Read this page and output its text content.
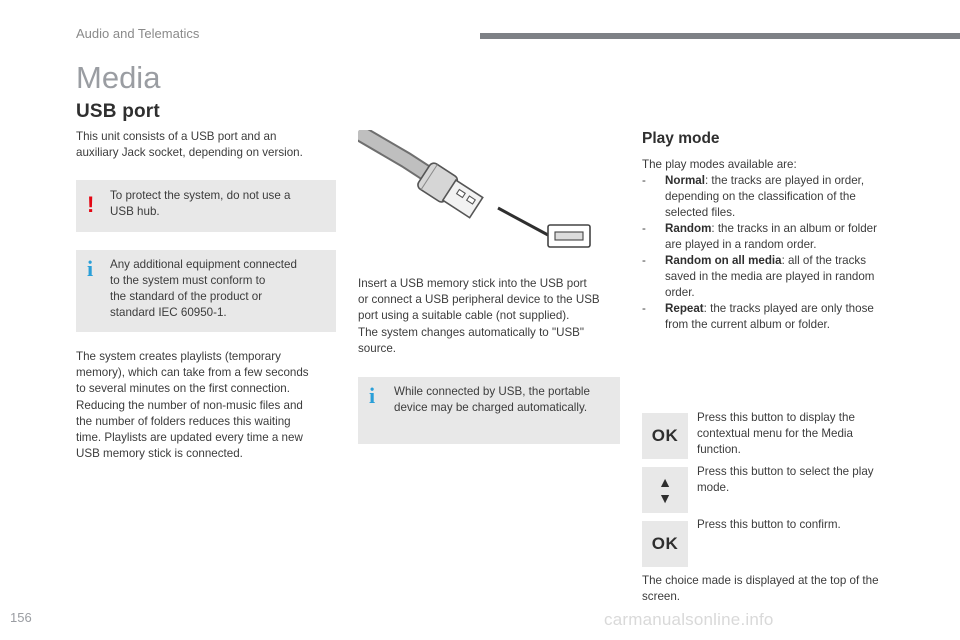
Audio and Telematics
Media
USB port

This unit consists of a USB port and an

auxiliary Jack socket, depending on version.

! To protect the system, do not use a
USB hub.
i Any additional equipment connected
to the system must conform to
the standard of the product or
standard IEC 60950-1.

The system creates playlists (temporary

memory), which can take from a few seconds

to several minutes on the first connection.

Reducing the number of non-music files and

the number of folders reduces this waiting

time. Playlists are updated every time a new

USB memory stick is connected.

Insert a USB memory stick into the USB port

or connect a USB peripheral device to the USB

port using a suitable cable (not supplied).

The system changes automatically to "USB"

source.

i While connected by USB, the portable
device may be charged automatically.
Play mode
The play modes available are:
- Normal: the tracks are played in order,
depending on the classification of the
selected files.
- Random: the tracks in an album or folder
are played in a random order.
- Random on all media: all of the tracks
saved in the media are played in random
order.
- Repeat: the tracks played are only those
from the current album or folder.
OK
Press this button to display the
contextual menu for the Media
function.
▲
▼
Press this button to select the play
mode.
OK
Press this button to confirm.

The choice made is displayed at the top of the

screen.

156	carmanualsonline.info
